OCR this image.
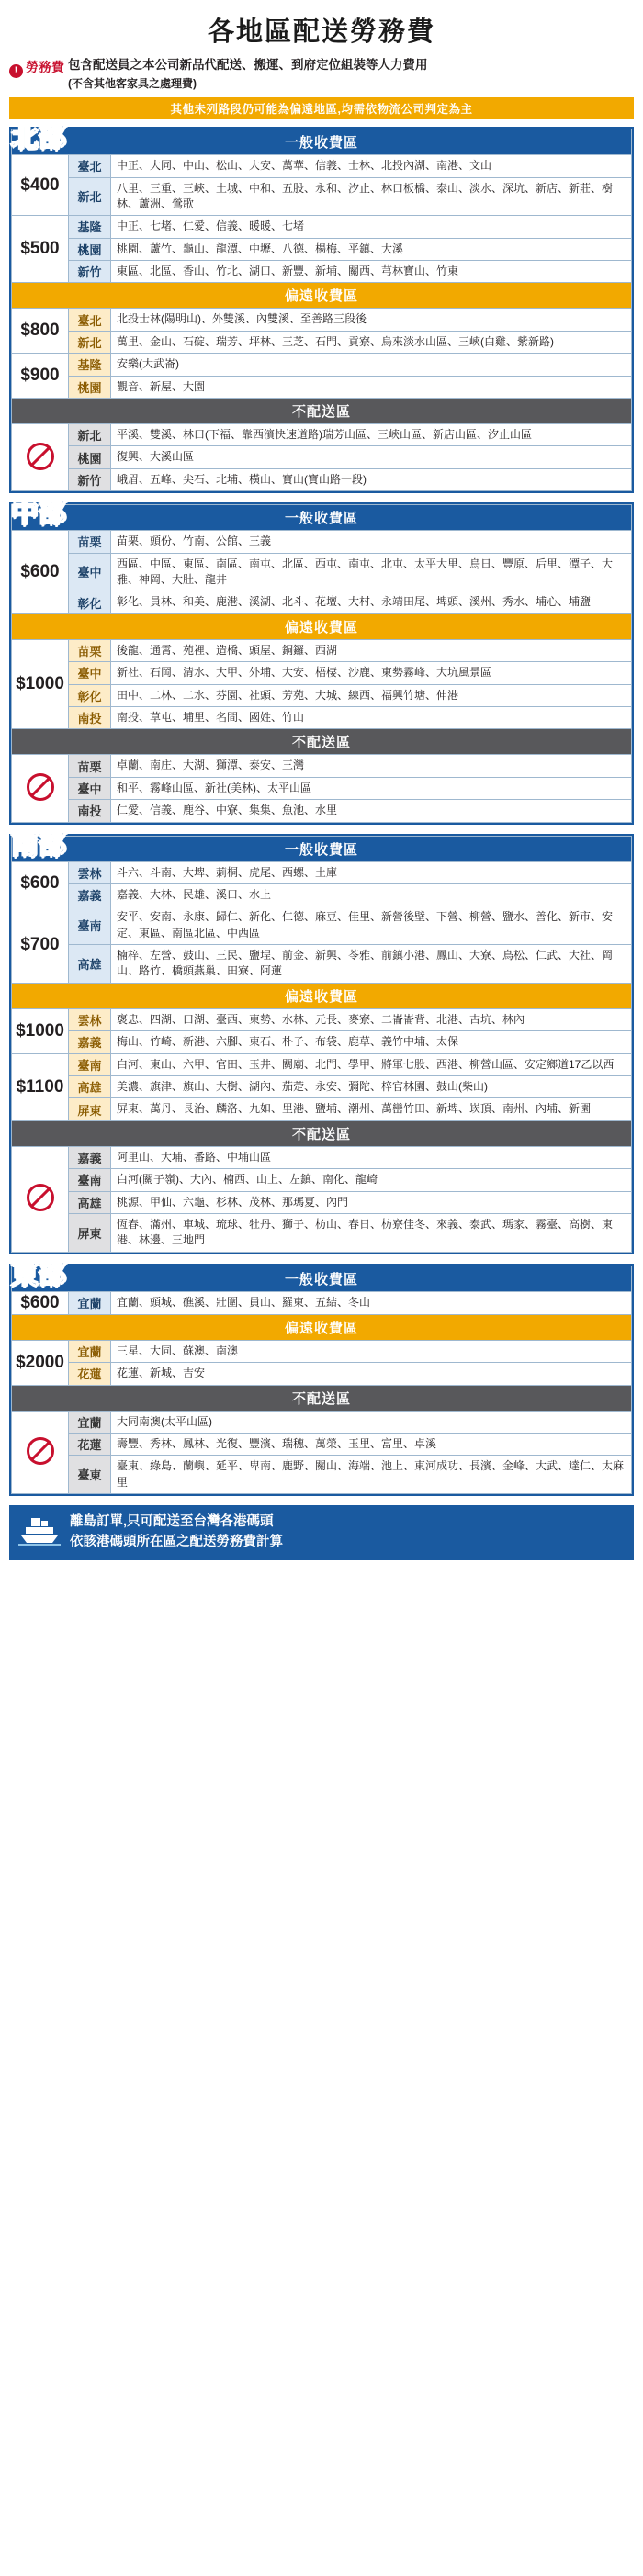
各地區配送勞務費
! 勞務費 包含配送員之本公司新品代配送、搬運、到府定位組裝等人力費用
(不含其他客家具之處理費)
其他未列路段仍可能為偏遠地區,均需依物流公司判定為主
北部	一般收費區		
$400	臺北	中正、大同、中山、松山、大安、萬華、信義、士林、北投內湖、南港、文山
	新北	八里、三重、三峽、土城、中和、五股、永和、汐止、林口板橋、泰山、淡水、深坑、新店、新莊、樹林、蘆洲、鶯歌
$500	基隆	中正、七堵、仁愛、信義、暖暖、七堵
	桃園	桃園、蘆竹、龜山、龍潭、中壢、八德、楊梅、平鎮、大溪
	新竹	東區、北區、香山、竹北、湖口、新豐、新埔、關西、芎林寶山、竹東
偏遠收費區		
$800	臺北	北投士林(陽明山)、外雙溪、內雙溪、至善路三段後
	新北	萬里、金山、石碇、瑞芳、坪林、三芝、石門、貢寮、烏來淡水山區、三峽(白雞、紫新路)
$900	基隆	安樂(大武崙)
	桃園	觀音、新屋、大園
不配送區		
	新北	平溪、雙溪、林口(下福、靠西濱快速道路)瑞芳山區、三峽山區、新店山區、汐止山區
	桃園	復興、大溪山區
	新竹	峨眉、五峰、尖石、北埔、橫山、寶山(寶山路一段)
中部	一般收費區		
$600	苗栗	苗栗、頭份、竹南、公館、三義
	臺中	西區、中區、東區、南區、南屯、北區、西屯、南屯、北屯、太平大里、烏日、豐原、后里、潭子、大雅、神岡、大肚、龍井
	彰化	彰化、員林、和美、鹿港、溪湖、北斗、花壇、大村、永靖田尾、埤頭、溪州、秀水、埔心、埔鹽
偏遠收費區		
$1000	苗栗	後龍、通霄、苑裡、造橋、頭屋、銅鑼、西湖
	臺中	新社、石岡、清水、大甲、外埔、大安、梧棲、沙鹿、東勢霧峰、大坑風景區
	彰化	田中、二林、二水、芬園、社頭、芳苑、大城、線西、福興竹塘、伸港
	南投	南投、草屯、埔里、名間、國姓、竹山
不配送區		
	苗栗	卓蘭、南庄、大湖、獅潭、泰安、三灣
	臺中	和平、霧峰山區、新社(美林)、太平山區
	南投	仁愛、信義、鹿谷、中寮、集集、魚池、水里
南部	一般收費區		
$600	雲林	斗六、斗南、大埤、莿桐、虎尾、西螺、土庫
	嘉義	嘉義、大林、民雄、溪口、水上
$700	臺南	安平、安南、永康、歸仁、新化、仁德、麻豆、佳里、新營後壁、下營、柳營、鹽水、善化、新市、安定、東區、南區北區、中西區
	高雄	楠梓、左營、鼓山、三民、鹽埕、前金、新興、苓雅、前鎮小港、鳳山、大寮、鳥松、仁武、大社、岡山、路竹、橋頭燕巢、田寮、阿蓮
偏遠收費區		
$1000	雲林	褒忠、四湖、口湖、臺西、東勢、水林、元長、麥寮、二崙崙背、北港、古坑、林內
	嘉義	梅山、竹崎、新港、六腳、東石、朴子、布袋、鹿草、義竹中埔、太保
$1100	臺南	白河、東山、六甲、官田、玉井、關廟、北門、學甲、將軍七股、西港、柳營山區、安定鄉道17乙以西
	高雄	美濃、旗津、旗山、大樹、湖內、茄萣、永安、彌陀、梓官林園、鼓山(柴山)
	屏東	屏東、萬丹、長治、麟洛、九如、里港、鹽埔、潮州、萬巒竹田、新埤、崁頂、南州、內埔、新園
不配送區		
	嘉義	阿里山、大埔、番路、中埔山區
	臺南	白河(關子嶺)、大內、楠西、山上、左鎮、南化、龍崎
	高雄	桃源、甲仙、六龜、杉林、茂林、那瑪夏、內門
	屏東	恆春、滿州、車城、琉球、牡丹、獅子、枋山、春日、枋寮佳冬、來義、泰武、瑪家、霧臺、高樹、東港、林邊、三地門
東部	一般收費區		
$600	宜蘭	宜蘭、頭城、礁溪、壯圍、員山、羅東、五結、冬山
偏遠收費區		
$2000	宜蘭	三星、大同、蘇澳、南澳
	花蓮	花蓮、新城、吉安
不配送區		
	宜蘭	大同南澳(太平山區)
	花蓮	壽豐、秀林、鳳林、光復、豐濱、瑞穗、萬榮、玉里、富里、卓溪
	臺東	臺東、綠島、蘭嶼、延平、卑南、鹿野、關山、海端、池上、東河成功、長濱、金峰、大武、達仁、太麻里
離島訂單,只可配送至台灣各港碼頭
依該港碼頭所在區之配送勞務費計算
